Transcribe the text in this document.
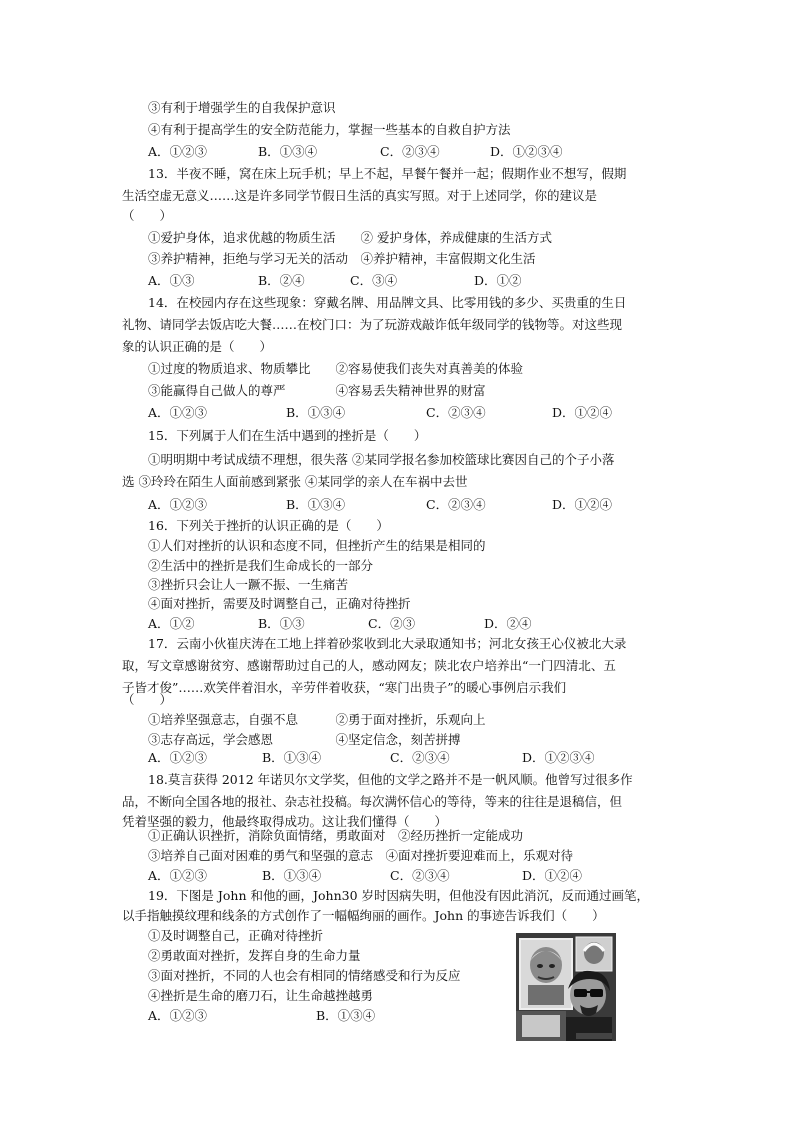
③有利于增强学生的自我保护意识
④有利于提高学生的安全防范能力，掌握一些基本的自救自护方法
A．①②③	B．①③④	C．②③④	D．①②③④
13．半夜不睡，窝在床上玩手机；早上不起，早餐午餐并一起；假期作业不想写，假期
生活空虚无意义……这是许多同学节假日生活的真实写照。对于上述同学，你的建议是
（　　）
①爱护身体，追求优越的物质生活　　② 爱护身体，养成健康的生活方式
③养护精神，拒绝与学习无关的活动　④养护精神，丰富假期文化生活
A．①③	B．②④	C．③④	D．①②
14．在校园内存在这些现象：穿戴名牌、用品牌文具、比零用钱的多少、买贵重的生日
礼物、请同学去饭店吃大餐……在校门口：为了玩游戏敲诈低年级同学的钱物等。对这些现
象的认识正确的是（　　）
①过度的物质追求、物质攀比　　②容易使我们丧失对真善美的体验
③能赢得自己做人的尊严　　　　④容易丢失精神世界的财富
A．①②③	B．①③④	C．②③④	D．①②④
15．下列属于人们在生活中遇到的挫折是（　　）
①明明期中考试成绩不理想，很失落 ②某同学报名参加校篮球比赛因自己的个子小落
选 ③玲玲在陌生人面前感到紧张 ④某同学的亲人在车祸中去世
A．①②③	B．①③④	C．②③④	D．①②④
16．下列关于挫折的认识正确的是（　　）
①人们对挫折的认识和态度不同，但挫折产生的结果是相同的
②生活中的挫折是我们生命成长的一部分
③挫折只会让人一蹶不振、一生痛苦
④面对挫折，需要及时调整自己，正确对待挫折
A．①②	B．①③	C．②③	D．②④
17．云南小伙崔庆涛在工地上拌着砂浆收到北大录取通知书；河北女孩王心仪被北大录
取，写文章感谢贫穷、感谢帮助过自己的人，感动网友；陕北农户培养出“一门四清北、五
子皆才俊”……欢笑伴着泪水，辛劳伴着收获，“寒门出贵子”的暖心事例启示我们
（　　）
①培养坚强意志，自强不息　　　②勇于面对挫折，乐观向上
③志存高远，学会感恩　　　　　④坚定信念，刻苦拼搏
A．①②③	B．①③④	C．②③④	D．①②③④
18.莫言获得 2012 年诺贝尔文学奖，但他的文学之路并不是一帆风顺。他曾写过很多作
品，不断向全国各地的报社、杂志社投稿。每次满怀信心的等待，等来的往往是退稿信，但
凭着坚强的毅力，他最终取得成功。这让我们懂得（　　）
①正确认识挫折，消除负面情绪，勇敢面对　②经历挫折一定能成功
③培养自己面对困难的勇气和坚强的意志　④面对挫折要迎难而上，乐观对待
A．①②③	B．①③④	C．②③④	D．①②④
19．下图是 John 和他的画，John30 岁时因病失明，但他没有因此消沉，反而通过画笔，
以手指触摸纹理和线条的方式创作了一幅幅绚丽的画作。John 的事迹告诉我们（　　）
①及时调整自己，正确对待挫折
②勇敢面对挫折，发挥自身的生命力量
③面对挫折，不同的人也会有相同的情绪感受和行为反应
④挫折是生命的磨刀石，让生命越挫越勇
A．①②③	B．①③④
